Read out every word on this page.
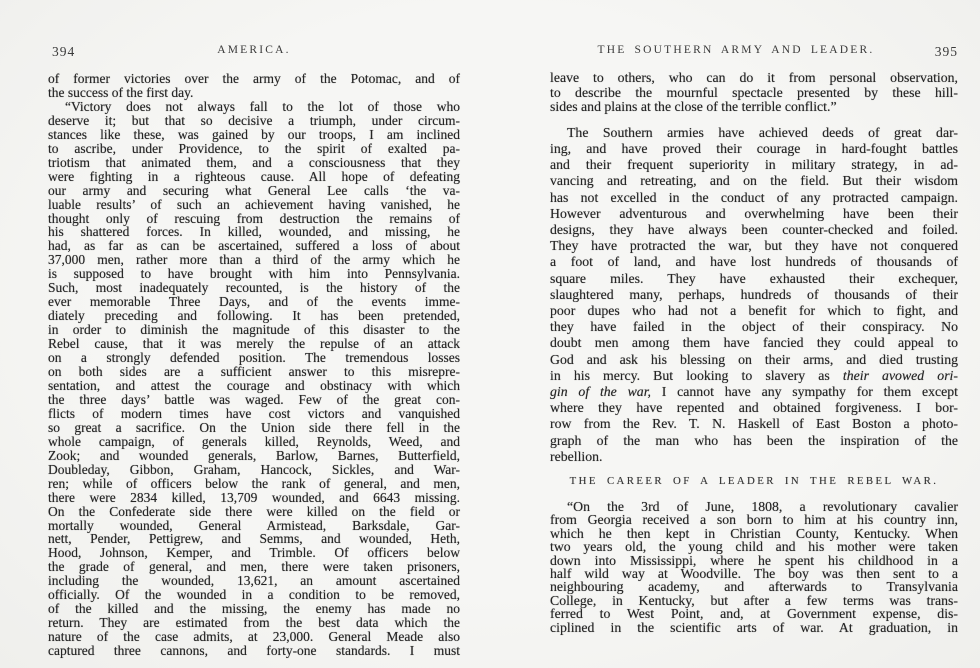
394	AMERICA.
of former victories over the army of the Potomac, and of
the success of the first day.
“Victory does not always fall to the lot of those who
deserve it; but that so decisive a triumph, under circum-
stances like these, was gained by our troops, I am inclined
to ascribe, under Providence, to the spirit of exalted pa-
triotism that animated them, and a consciousness that they
were fighting in a righteous cause. All hope of defeating
our army and securing what General Lee calls ‘the va-
luable results’ of such an achievement having vanished, he
thought only of rescuing from destruction the remains of
his shattered forces. In killed, wounded, and missing, he
had, as far as can be ascertained, suffered a loss of about
37,000 men, rather more than a third of the army which he
is supposed to have brought with him into Pennsylvania.
Such, most inadequately recounted, is the history of the
ever memorable Three Days, and of the events imme-
diately preceding and following. It has been pretended,
in order to diminish the magnitude of this disaster to the
Rebel cause, that it was merely the repulse of an attack
on a strongly defended position. The tremendous losses
on both sides are a sufficient answer to this misrepre-
sentation, and attest the courage and obstinacy with which
the three days’ battle was waged. Few of the great con-
flicts of modern times have cost victors and vanquished
so great a sacrifice. On the Union side there fell in the
whole campaign, of generals killed, Reynolds, Weed, and
Zook; and wounded generals, Barlow, Barnes, Butterfield,
Doubleday, Gibbon, Graham, Hancock, Sickles, and War-
ren; while of officers below the rank of general, and men,
there were 2834 killed, 13,709 wounded, and 6643 missing.
On the Confederate side there were killed on the field or
mortally wounded, General Armistead, Barksdale, Gar-
nett, Pender, Pettigrew, and Semms, and wounded, Heth,
Hood, Johnson, Kemper, and Trimble. Of officers below
the grade of general, and men, there were taken prisoners,
including the wounded, 13,621, an amount ascertained
officially. Of the wounded in a condition to be removed,
of the killed and the missing, the enemy has made no
return. They are estimated from the best data which the
nature of the case admits, at 23,000. General Meade also
captured three cannons, and forty-one standards. I must
THE SOUTHERN ARMY AND LEADER.	395
leave to others, who can do it from personal observation,
to describe the mournful spectacle presented by these hill-
sides and plains at the close of the terrible conflict.”
The Southern armies have achieved deeds of great dar-
ing, and have proved their courage in hard-fought battles
and their frequent superiority in military strategy, in ad-
vancing and retreating, and on the field. But their wisdom
has not excelled in the conduct of any protracted campaign.
However adventurous and overwhelming have been their
designs, they have always been counter-checked and foiled.
They have protracted the war, but they have not conquered
a foot of land, and have lost hundreds of thousands of
square miles. They have exhausted their exchequer,
slaughtered many, perhaps, hundreds of thousands of their
poor dupes who had not a benefit for which to fight, and
they have failed in the object of their conspiracy. No
doubt men among them have fancied they could appeal to
God and ask his blessing on their arms, and died trusting
in his mercy. But looking to slavery as their avowed ori-
gin of the war, I cannot have any sympathy for them except
where they have repented and obtained forgiveness. I bor-
row from the Rev. T. N. Haskell of East Boston a photo-
graph of the man who has been the inspiration of the
rebellion.
THE CAREER OF A LEADER IN THE REBEL WAR.
“On the 3rd of June, 1808, a revolutionary cavalier
from Georgia received a son born to him at his country inn,
which he then kept in Christian County, Kentucky. When
two years old, the young child and his mother were taken
down into Mississippi, where he spent his childhood in a
half wild way at Woodville. The boy was then sent to a
neighbouring academy, and afterwards to Transylvania
College, in Kentucky, but after a few terms was trans-
ferred to West Point, and, at Government expense, dis-
ciplined in the scientific arts of war. At graduation, in
